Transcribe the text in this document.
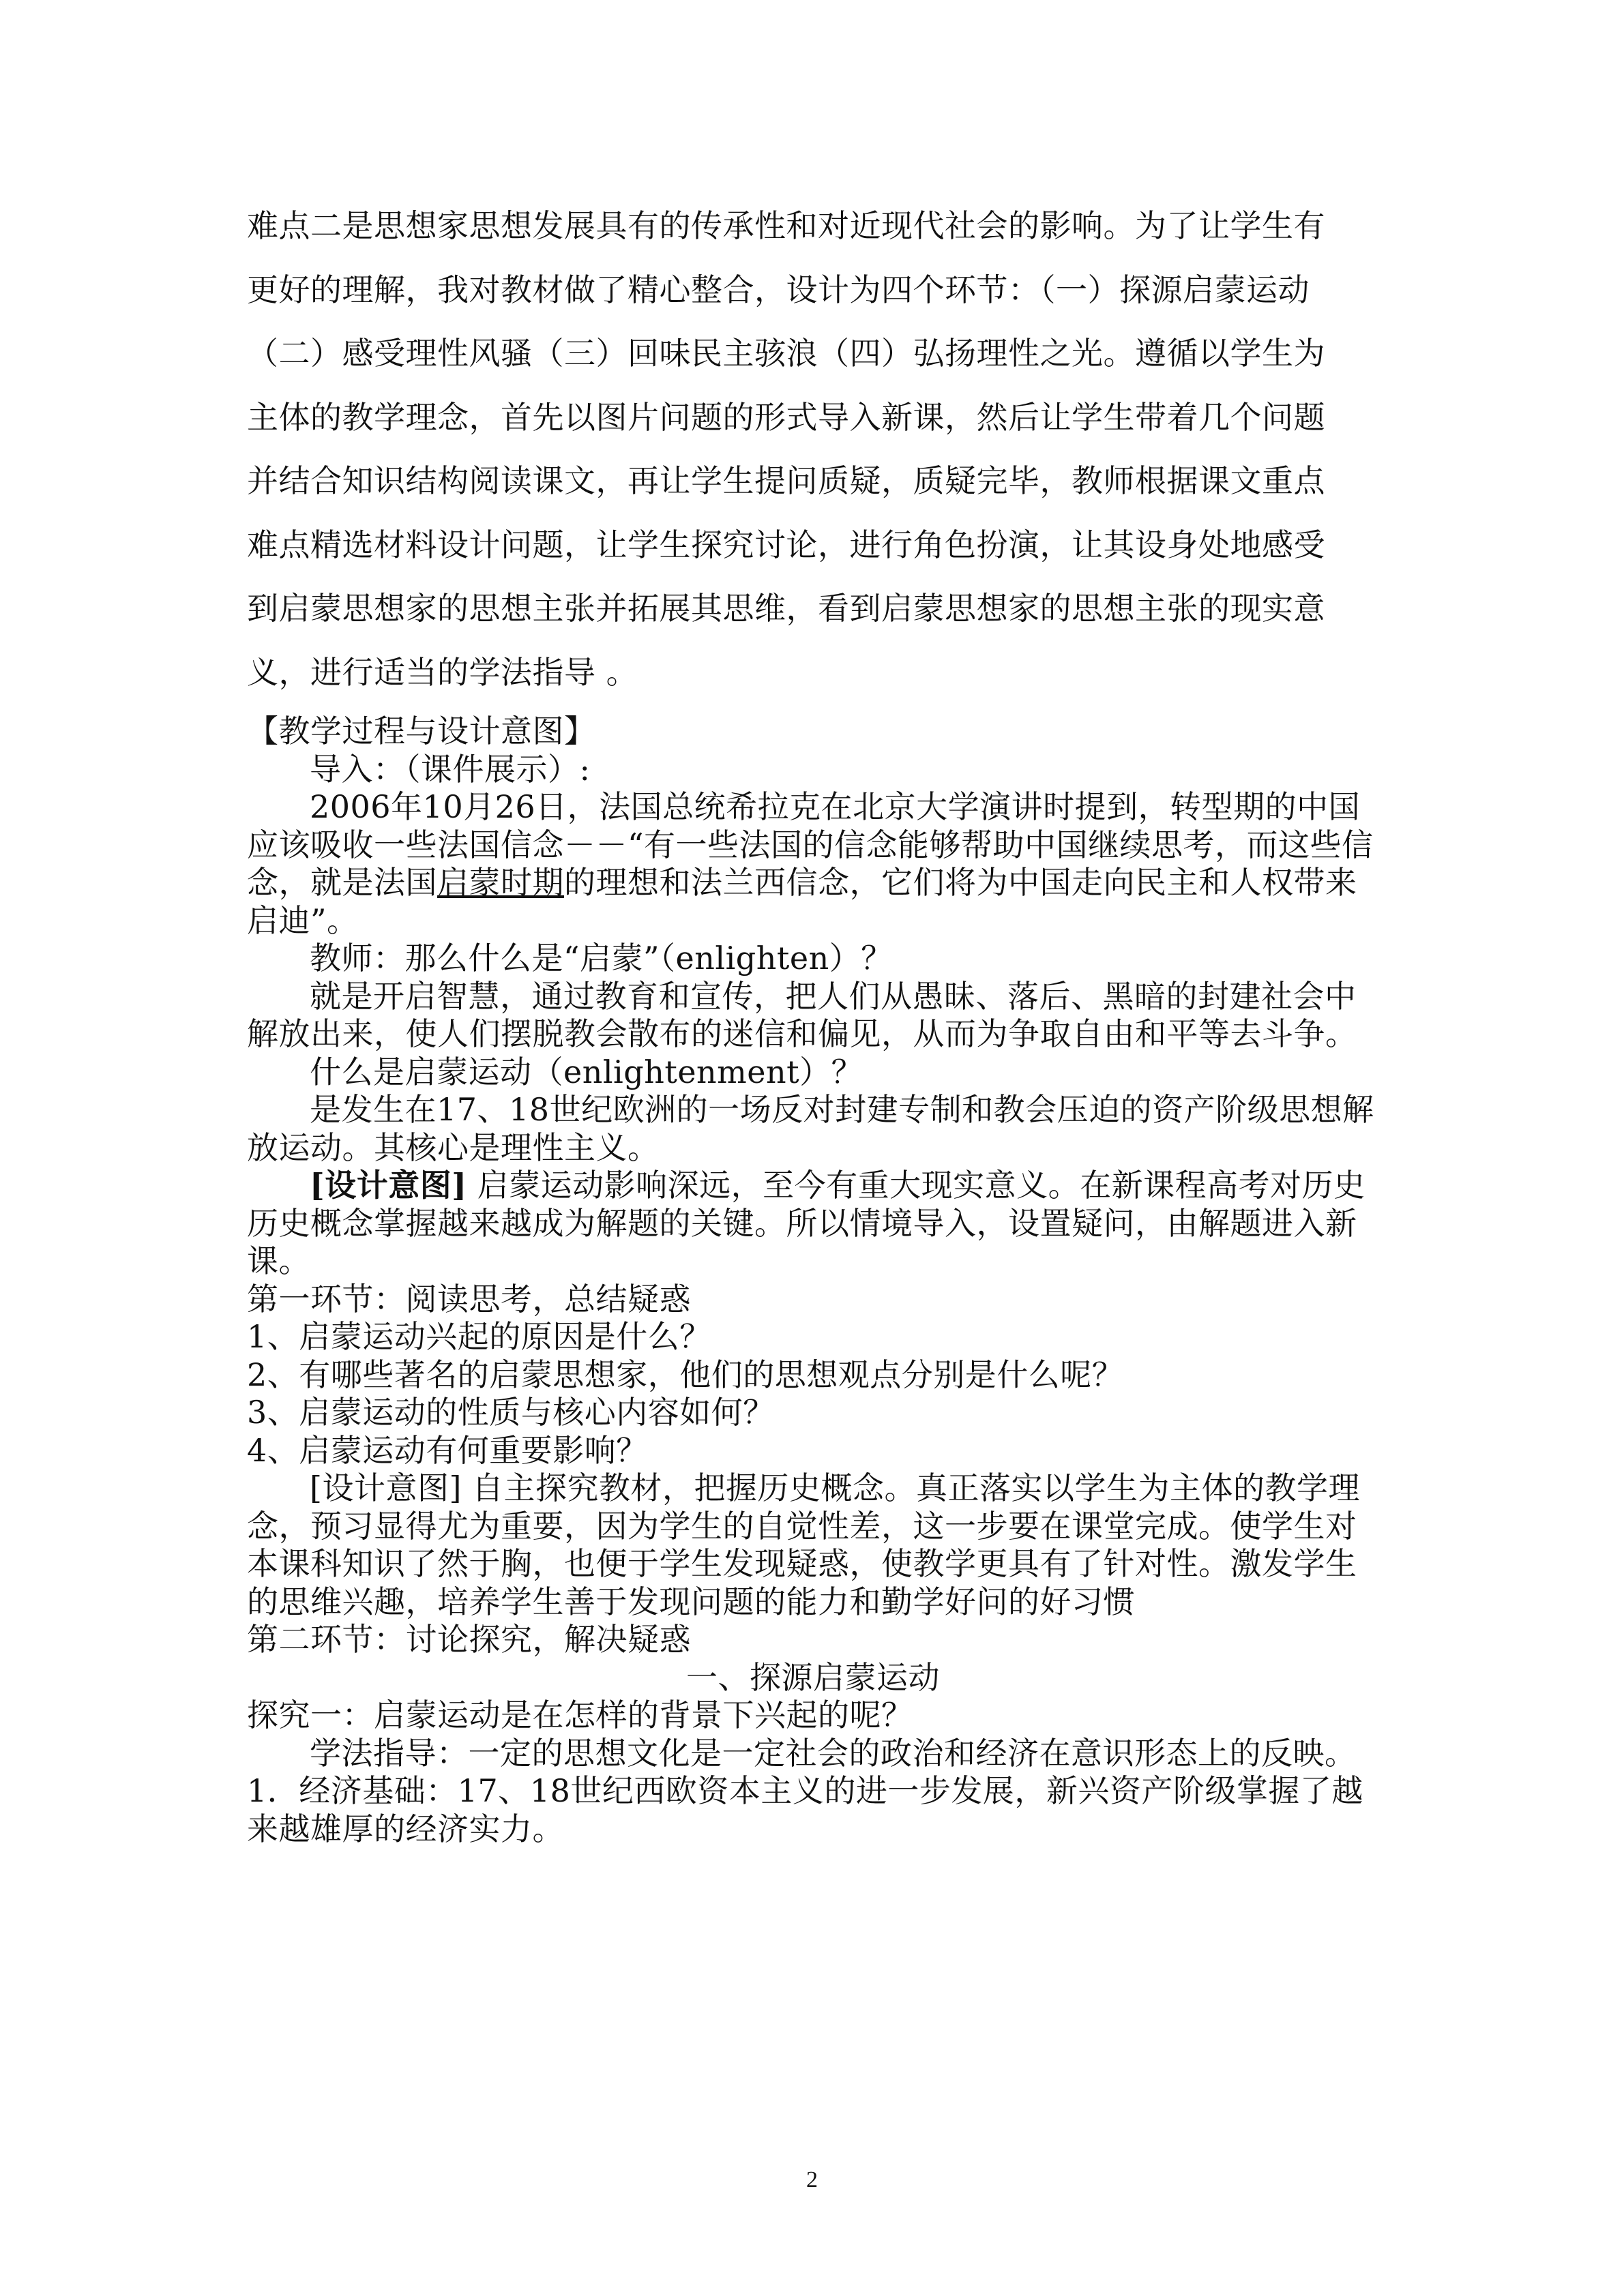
难点二是思想家思想发展具有的传承性和对近现代社会的影响。为了让学生有

更好的理解，我对教材做了精心整合，设计为四个环节：（一）探源启蒙运动

（二）感受理性风骚（三）回味民主骇浪（四）弘扬理性之光。遵循以学生为

主体的教学理念，首先以图片问题的形式导入新课，然后让学生带着几个问题

并结合知识结构阅读课文，再让学生提问质疑，质疑完毕，教师根据课文重点

难点精选材料设计问题，让学生探究讨论，进行角色扮演，让其设身处地感受

到启蒙思想家的思想主张并拓展其思维，看到启蒙思想家的思想主张的现实意

义，进行适当的学法指导 。

【教学过程与设计意图】

导入：（课件展示）:

2006年10月26日，法国总统希拉克在北京大学演讲时提到，转型期的中国应该吸收一些法国信念－－“有一些法国的信念能够帮助中国继续思考，而这些信念，就是法国启蒙时期的理想和法兰西信念，它们将为中国走向民主和人权带来启迪”。

教师：那么什么是“启蒙”（enlighten）？

就是开启智慧，通过教育和宣传，把人们从愚昧、落后、黑暗的封建社会中解放出来，使人们摆脱教会散布的迷信和偏见，从而为争取自由和平等去斗争。

什么是启蒙运动（enlightenment）？

是发生在17、18世纪欧洲的一场反对封建专制和教会压迫的资产阶级思想解放运动。其核心是理性主义。

[设计意图] 启蒙运动影响深远，至今有重大现实意义。在新课程高考对历史历史概念掌握越来越成为解题的关键。所以情境导入，设置疑问，由解题进入新课。

第一环节：阅读思考，总结疑惑

1、启蒙运动兴起的原因是什么？

2、有哪些著名的启蒙思想家，他们的思想观点分别是什么呢？

3、启蒙运动的性质与核心内容如何？

4、启蒙运动有何重要影响？

[设计意图] 自主探究教材，把握历史概念。真正落实以学生为主体的教学理念，预习显得尤为重要，因为学生的自觉性差，这一步要在课堂完成。使学生对本课科知识了然于胸，也便于学生发现疑惑，使教学更具有了针对性。激发学生的思维兴趣，培养学生善于发现问题的能力和勤学好问的好习惯

第二环节：讨论探究，解决疑惑

一、探源启蒙运动

探究一：启蒙运动是在怎样的背景下兴起的呢？

学法指导：一定的思想文化是一定社会的政治和经济在意识形态上的反映。

1．经济基础：17、18世纪西欧资本主义的进一步发展，新兴资产阶级掌握了越来越雄厚的经济实力。

2
